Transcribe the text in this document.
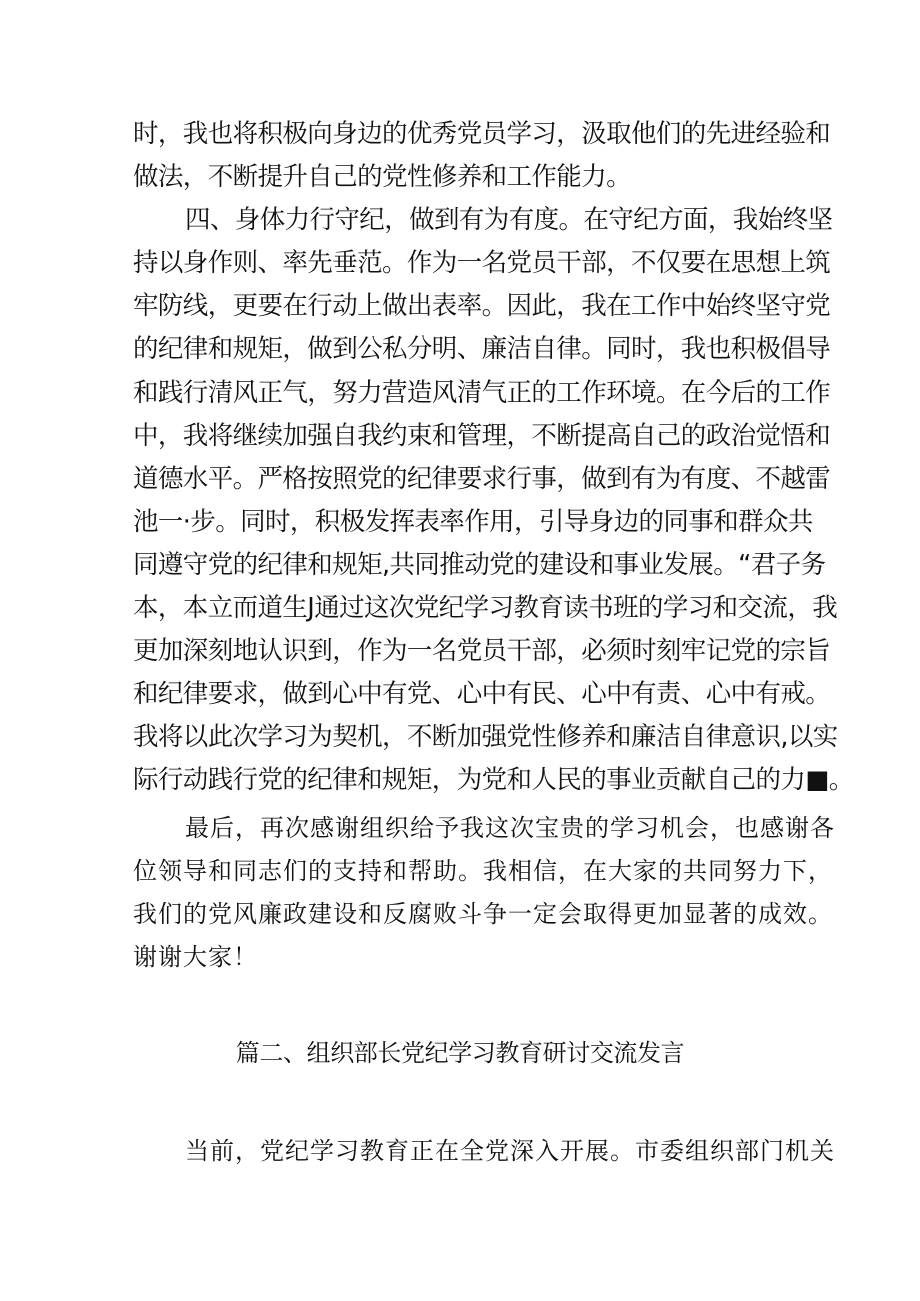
时，我也将积极向身边的优秀党员学习，汲取他们的先进经验和
做法，不断提升自己的党性修养和工作能力。
四、身体力行守纪，做到有为有度。在守纪方面，我始终坚
持以身作则、率先垂范。作为一名党员干部，不仅要在思想上筑
牢防线，更要在行动上做出表率。因此，我在工作中始终坚守党
的纪律和规矩，做到公私分明、廉洁自律。同时，我也积极倡导
和践行清风正气，努力营造风清气正的工作环境。在今后的工作
中，我将继续加强自我约束和管理，不断提高自己的政治觉悟和
道德水平。严格按照党的纪律要求行事，做到有为有度、不越雷
池一·步。同时，积极发挥表率作用，引导身边的同事和群众共
同遵守党的纪律和规矩,共同推动党的建设和事业发展。“君子务
本，本立而道生J通过这次党纪学习教育读书班的学习和交流，我
更加深刻地认识到，作为一名党员干部，必须时刻牢记党的宗旨
和纪律要求，做到心中有党、心中有民、心中有责、心中有戒。
我将以此次学习为契机，不断加强党性修养和廉洁自律意识,以实
际行动践行党的纪律和规矩，为党和人民的事业贡献自己的力■。
最后，再次感谢组织给予我这次宝贵的学习机会，也感谢各
位领导和同志们的支持和帮助。我相信，在大家的共同努力下，
我们的党风廉政建设和反腐败斗争一定会取得更加显著的成效。
谢谢大家！
篇二、组织部长党纪学习教育研讨交流发言
当前，党纪学习教育正在全党深入开展。市委组织部门机关
